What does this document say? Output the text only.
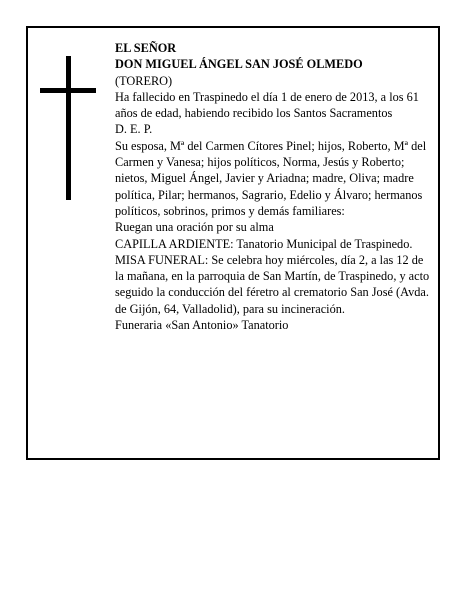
EL SEÑOR

DON MIGUEL ÁNGEL SAN JOSÉ OLMEDO

(TORERO)

Ha fallecido en Traspinedo el día 1 de enero de 2013, a los 61 años de edad, habiendo recibido los Santos Sacramentos

D. E. P.

Su esposa, Mª del Carmen Cítores Pinel; hijos, Roberto, Mª del Carmen y Vanesa; hijos políticos, Norma, Jesús y Roberto; nietos, Miguel Ángel, Javier y Ariadna; madre, Oliva; madre política, Pilar; hermanos, Sagrario, Edelio y Álvaro; hermanos políticos, sobrinos, primos y demás familiares:

Ruegan una oración por su alma

CAPILLA ARDIENTE: Tanatorio Municipal de Traspinedo.

MISA FUNERAL: Se celebra hoy miércoles, día 2, a las 12 de la mañana, en la parroquia de San Martín, de Traspinedo, y acto seguido la conducción del féretro al crematorio San José (Avda. de Gijón, 64, Valladolid), para su incineración.

Funeraria «San Antonio» Tanatorio
